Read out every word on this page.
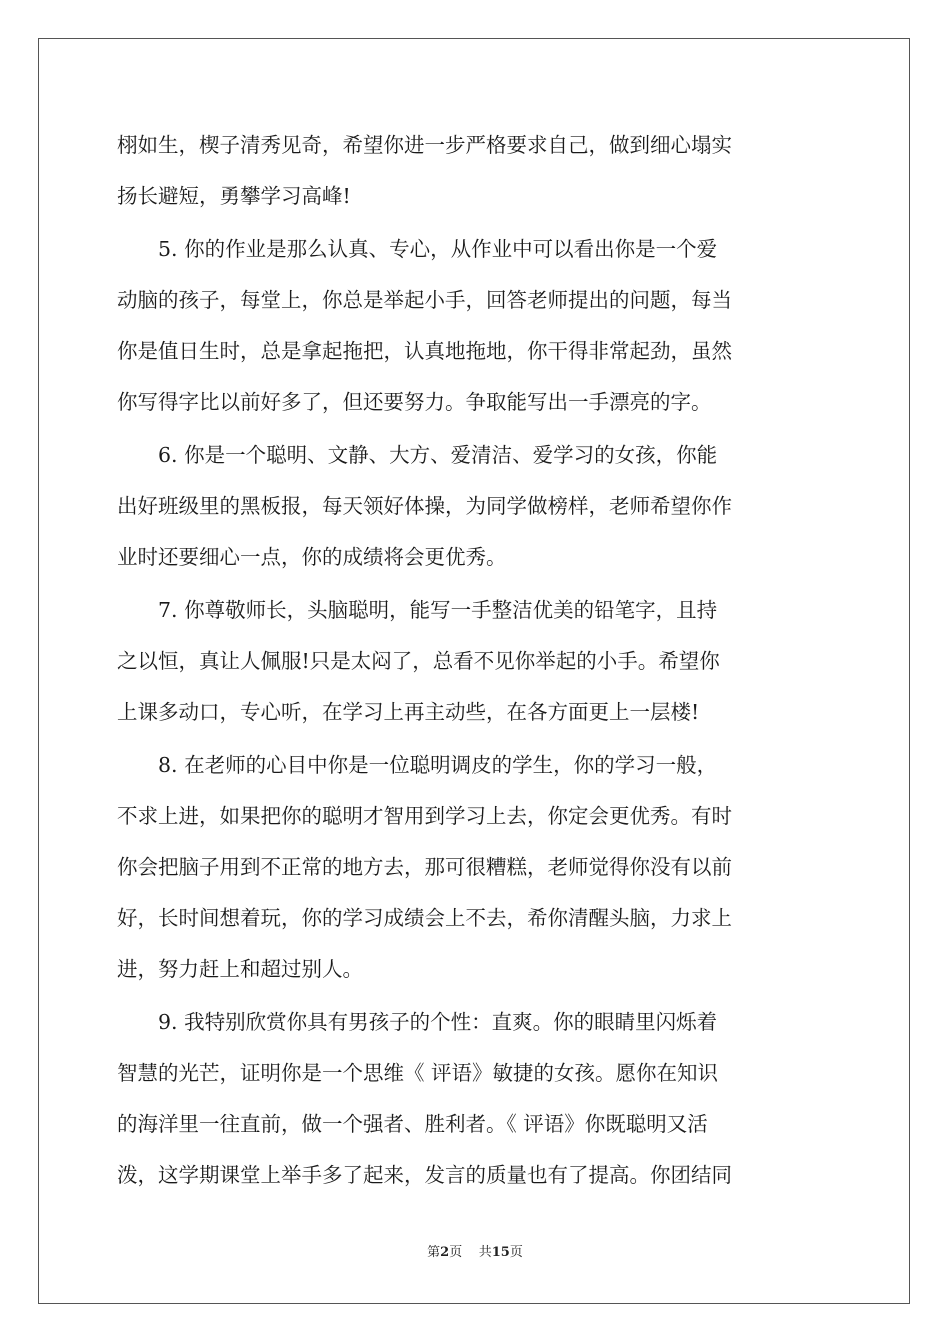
栩如生，楔子清秀见奇，希望你进一步严格要求自己，做到细心塌实
扬长避短，勇攀学习高峰!
　　5. 你的作业是那么认真、专心，从作业中可以看出你是一个爱
动脑的孩子，每堂上，你总是举起小手，回答老师提出的问题，每当
你是值日生时，总是拿起拖把，认真地拖地，你干得非常起劲，虽然
你写得字比以前好多了，但还要努力。争取能写出一手漂亮的字。
　　6. 你是一个聪明、文静、大方、爱清洁、爱学习的女孩，你能
出好班级里的黑板报，每天领好体操，为同学做榜样，老师希望你作
业时还要细心一点，你的成绩将会更优秀。
　　7. 你尊敬师长，头脑聪明，能写一手整洁优美的铅笔字，且持
之以恒，真让人佩服!只是太闷了，总看不见你举起的小手。希望你
上课多动口，专心听，在学习上再主动些，在各方面更上一层楼!
　　8. 在老师的心目中你是一位聪明调皮的学生，你的学习一般，
不求上进，如果把你的聪明才智用到学习上去，你定会更优秀。有时
你会把脑子用到不正常的地方去，那可很糟糕，老师觉得你没有以前
好，长时间想着玩，你的学习成绩会上不去，希你清醒头脑，力求上
进，努力赶上和超过别人。
　　9. 我特别欣赏你具有男孩子的个性：直爽。你的眼睛里闪烁着
智慧的光芒，证明你是一个思维《 评语》敏捷的女孩。愿你在知识
的海洋里一往直前，做一个强者、胜利者。《 评语》你既聪明又活
泼，这学期课堂上举手多了起来，发言的质量也有了提高。你团结同
第2页 共15页
